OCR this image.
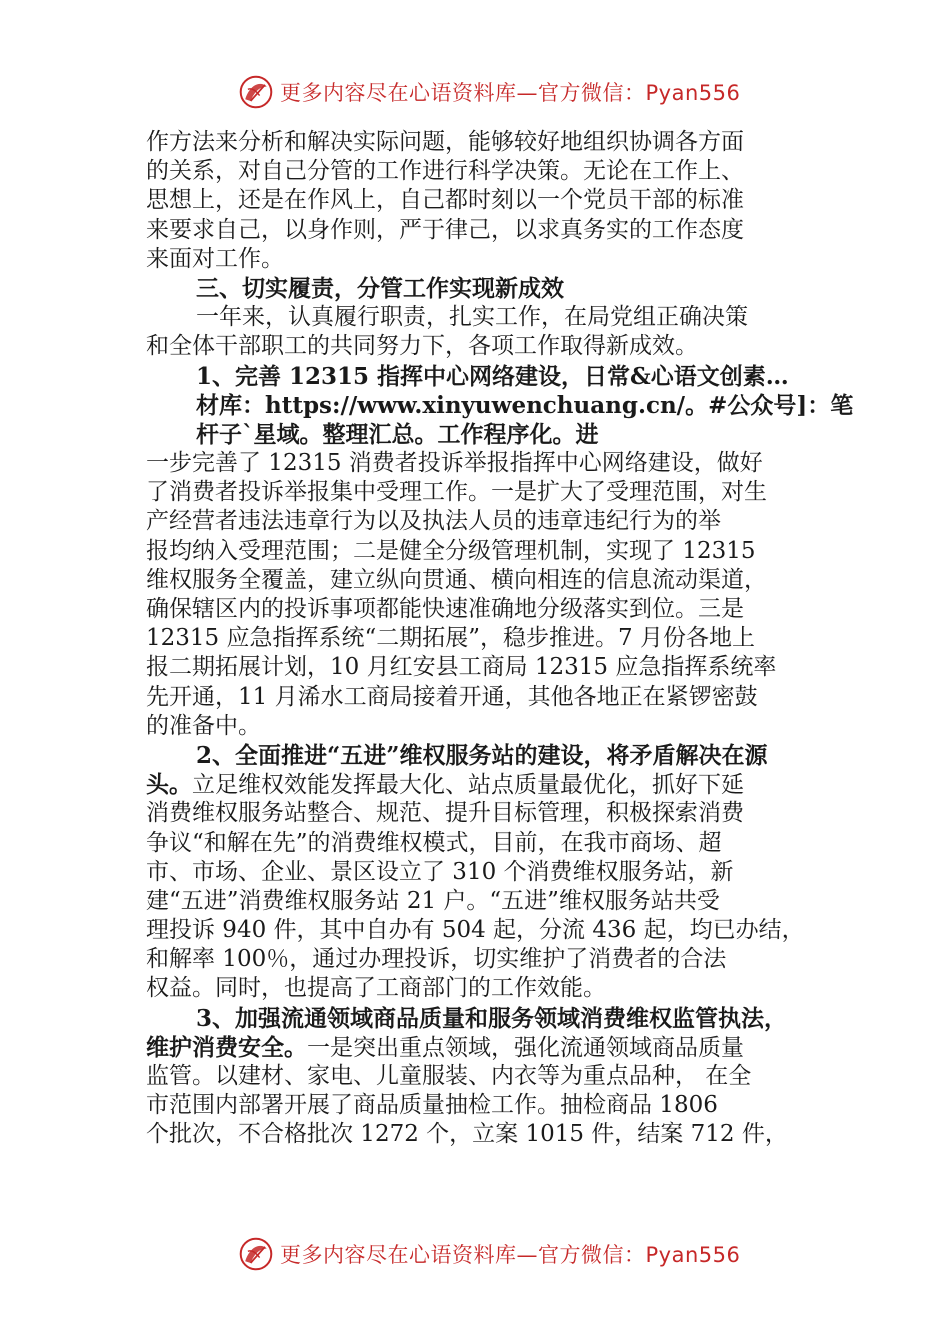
更多内容尽在心语资料库—官方微信：Pyan556
作方法来分析和解决实际问题，能够较好地组织协调各方面
的关系，对自己分管的工作进行科学决策。无论在工作上、
思想上，还是在作风上，自己都时刻以一个党员干部的标准
来要求自己，以身作则，严于律己，以求真务实的工作态度
来面对工作。
三、切实履责，分管工作实现新成效
一年来，认真履行职责，扎实工作，在局党组正确决策
和全体干部职工的共同努力下，各项工作取得新成效。
1、完善 12315 指挥中心网络建设，日常&心语文创素…
材库：https://www.xinyuwenchuang.cn/。#公众号]：笔
杆子`星域。整理汇总。工作程序化。进
一步完善了 12315 消费者投诉举报指挥中心网络建设，做好
了消费者投诉举报集中受理工作。一是扩大了受理范围，对生
产经营者违法违章行为以及执法人员的违章违纪行为的举
报均纳入受理范围；二是健全分级管理机制，实现了 12315
维权服务全覆盖，建立纵向贯通、横向相连的信息流动渠道，
确保辖区内的投诉事项都能快速准确地分级落实到位。三是
12315 应急指挥系统“二期拓展”，稳步推进。7 月份各地上
报二期拓展计划，10 月红安县工商局 12315 应急指挥系统率
先开通，11 月浠水工商局接着开通，其他各地正在紧锣密鼓
的准备中。
2、全面推进“五进”维权服务站的建设，将矛盾解决在源
头。立足维权效能发挥最大化、站点质量最优化，抓好下延
消费维权服务站整合、规范、提升目标管理，积极探索消费
争议“和解在先”的消费维权模式，目前，在我市商场、超
市、市场、企业、景区设立了 310 个消费维权服务站，新
建“五进”消费维权服务站 21 户。“五进”维权服务站共受
理投诉 940 件，其中自办有 504 起，分流 436 起，均已办结，
和解率 100％，通过办理投诉，切实维护了消费者的合法
权益。同时，也提高了工商部门的工作效能。
3、加强流通领域商品质量和服务领域消费维权监管执法，
维护消费安全。一是突出重点领域，强化流通领域商品质量
监管。以建材、家电、儿童服装、内衣等为重点品种， 在全
市范围内部署开展了商品质量抽检工作。抽检商品 1806
个批次，不合格批次 1272 个，立案 1015 件，结案 712 件，
更多内容尽在心语资料库—官方微信：Pyan556
